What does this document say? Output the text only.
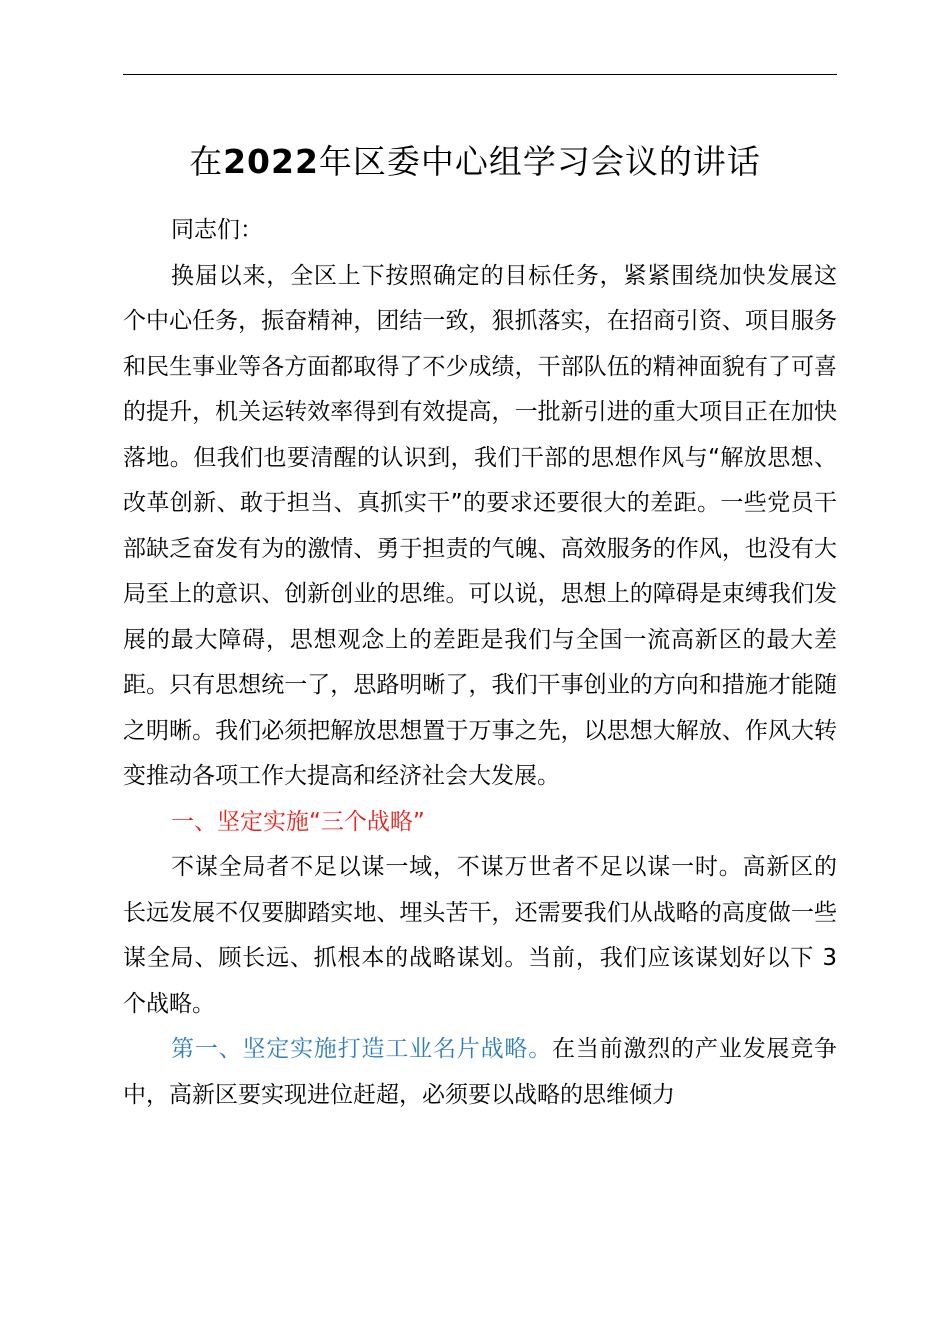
在2022年区委中心组学习会议的讲话

同志们：

换届以来，全区上下按照确定的目标任务，紧紧围绕加快发展这个中心任务，振奋精神，团结一致，狠抓落实，在招商引资、项目服务和民生事业等各方面都取得了不少成绩，干部队伍的精神面貌有了可喜的提升，机关运转效率得到有效提高，一批新引进的重大项目正在加快落地。但我们也要清醒的认识到，我们干部的思想作风与“解放思想、改革创新、敢于担当、真抓实干”的要求还要很大的差距。一些党员干部缺乏奋发有为的激情、勇于担责的气魄、高效服务的作风，也没有大局至上的意识、创新创业的思维。可以说，思想上的障碍是束缚我们发展的最大障碍，思想观念上的差距是我们与全国一流高新区的最大差距。只有思想统一了，思路明晰了，我们干事创业的方向和措施才能随之明晰。我们必须把解放思想置于万事之先，以思想大解放、作风大转变推动各项工作大提高和经济社会大发展。

一、坚定实施“三个战略”

不谋全局者不足以谋一域，不谋万世者不足以谋一时。高新区的长远发展不仅要脚踏实地、埋头苦干，还需要我们从战略的高度做一些谋全局、顾长远、抓根本的战略谋划。当前，我们应该谋划好以下 3 个战略。

第一、坚定实施打造工业名片战略。在当前激烈的产业发展竞争中，高新区要实现进位赶超，必须要以战略的思维倾力
